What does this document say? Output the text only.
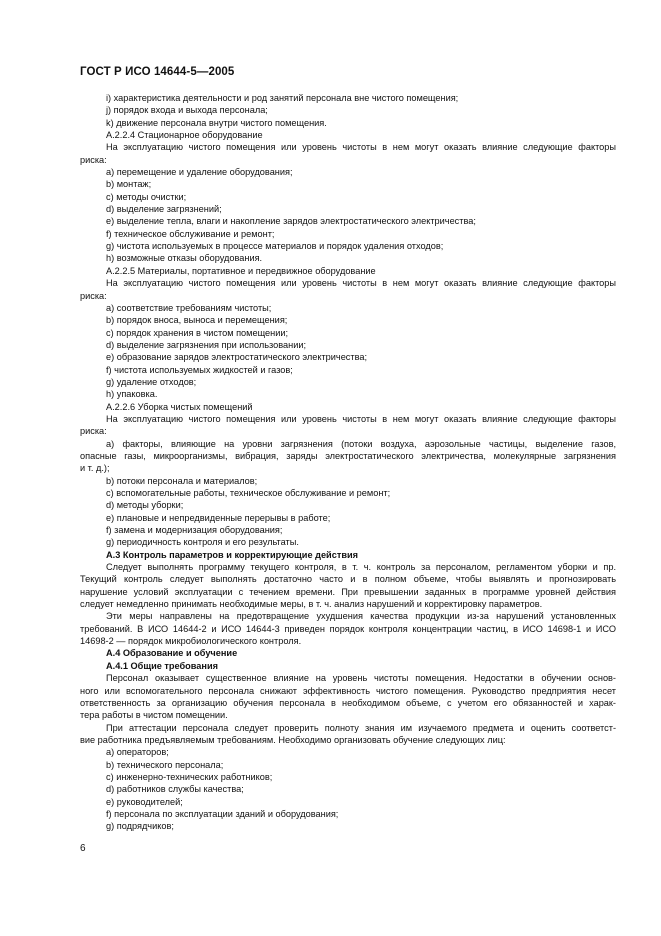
ГОСТ Р ИСО 14644-5—2005
i) характеристика деятельности и род занятий персонала вне чистого помещения;
j) порядок входа и выхода персонала;
k) движение персонала внутри чистого помещения.
А.2.2.4 Стационарное оборудование
На эксплуатацию чистого помещения или уровень чистоты в нем могут оказать влияние следующие факторы
риска:
а) перемещение и удаление оборудования;
b) монтаж;
с) методы очистки;
d) выделение загрязнений;
е) выделение тепла, влаги и накопление зарядов электростатического электричества;
f) техническое обслуживание и ремонт;
g) чистота используемых в процессе материалов и порядок удаления отходов;
h) возможные отказы оборудования.
А.2.2.5 Материалы, портативное и передвижное оборудование
На эксплуатацию чистого помещения или уровень чистоты в нем могут оказать влияние следующие факторы
риска:
а) соответствие требованиям чистоты;
b) порядок вноса, выноса и перемещения;
с) порядок хранения в чистом помещении;
d) выделение загрязнения при использовании;
е) образование зарядов электростатического электричества;
f) чистота используемых жидкостей и газов;
g) удаление отходов;
h) упаковка.
А.2.2.6 Уборка чистых помещений
На эксплуатацию чистого помещения или уровень чистоты в нем могут оказать влияние следующие факторы
риска:
а) факторы, влияющие на уровни загрязнения (потоки воздуха, аэрозольные частицы, выделение газов,
опасные газы, микроорганизмы, вибрация, заряды электростатического электричества, молекулярные загрязнения
и т. д.);
b) потоки персонала и материалов;
с) вспомогательные работы, техническое обслуживание и ремонт;
d) методы уборки;
е) плановые и непредвиденные перерывы в работе;
f) замена и модернизация оборудования;
g) периодичность контроля и его результаты.
А.3 Контроль параметров и корректирующие действия
Следует выполнять программу текущего контроля, в т. ч. контроль за персоналом, регламентом уборки и пр.
Текущий контроль следует выполнять достаточно часто и в полном объеме, чтобы выявлять и прогнозировать
нарушение условий эксплуатации с течением времени. При превышении заданных в программе уровней действия
следует немедленно принимать необходимые меры, в т. ч. анализ нарушений и корректировку параметров.
Эти меры направлены на предотвращение ухудшения качества продукции из-за нарушений установленных
требований. В ИСО 14644-2 и ИСО 14644-3 приведен порядок контроля концентрации частиц, в ИСО 14698-1 и ИСО
14698-2 — порядок микробиологического контроля.
А.4 Образование и обучение
А.4.1 Общие требования
Персонал оказывает существенное влияние на уровень чистоты помещения. Недостатки в обучении основ-
ного или вспомогательного персонала снижают эффективность чистого помещения. Руководство предприятия несет
ответственность за организацию обучения персонала в необходимом объеме, с учетом его обязанностей и харак-
тера работы в чистом помещении.
При аттестации персонала следует проверить полноту знания им изучаемого предмета и оценить соответст-
вие работника предъявляемым требованиям. Необходимо организовать обучение следующих лиц:
а) операторов;
b) технического персонала;
с) инженерно-технических работников;
d) работников службы качества;
е) руководителей;
f) персонала по эксплуатации зданий и оборудования;
g) подрядчиков;
6
